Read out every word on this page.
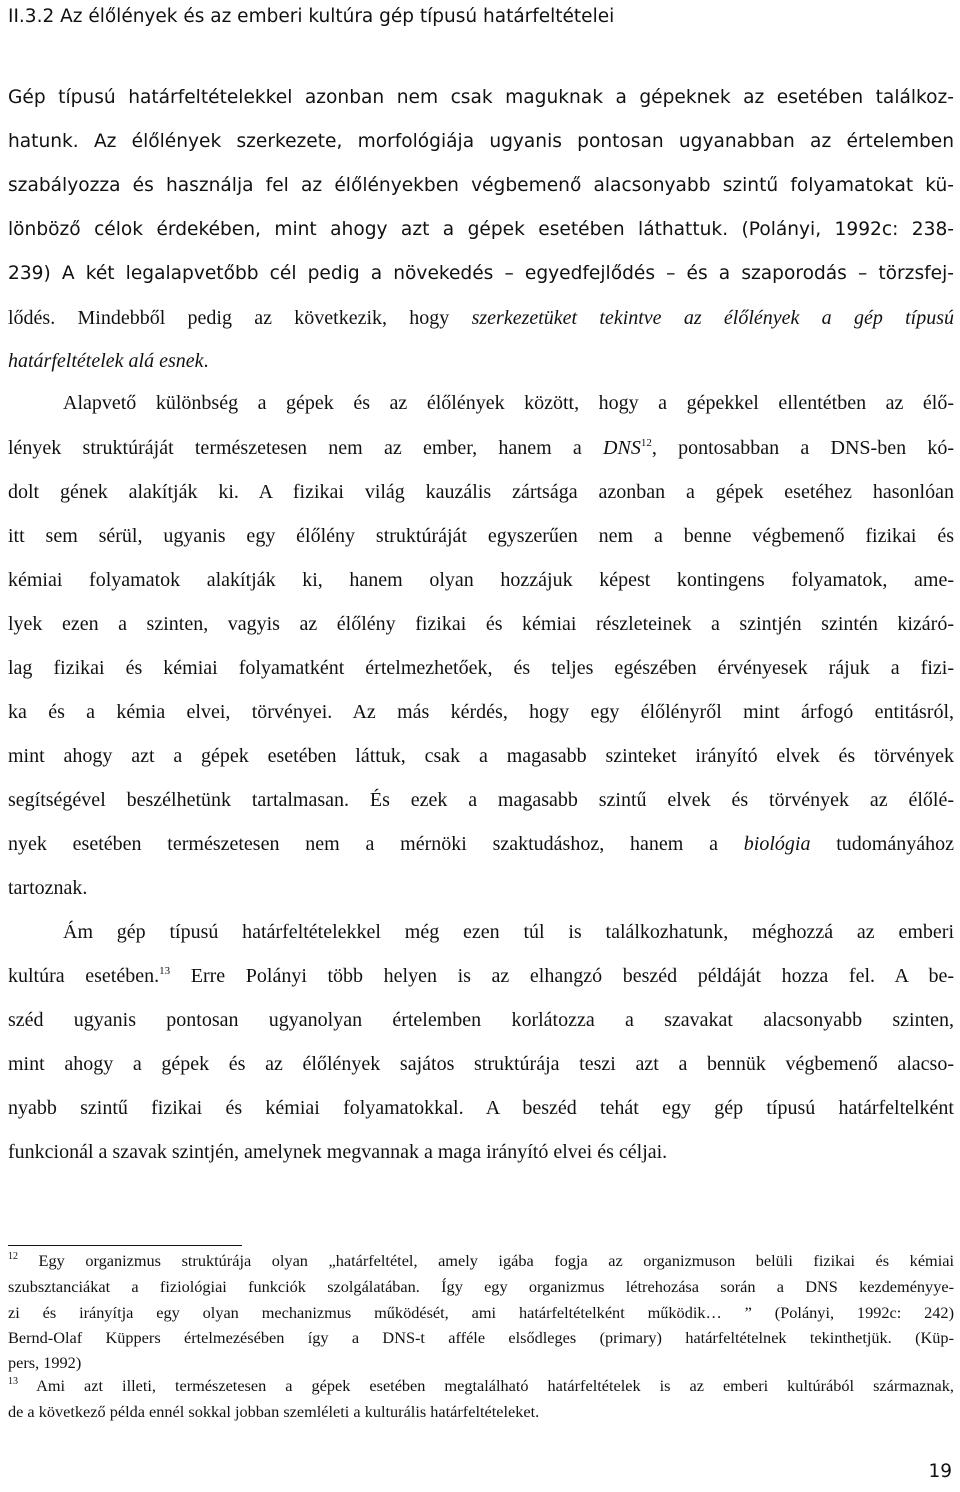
II.3.2 Az élőlények és az emberi kultúra gép típusú határfeltételei
Gép típusú határfeltételekkel azonban nem csak maguknak a gépeknek az esetében találkoz-
hatunk. Az élőlények szerkezete, morfológiája ugyanis pontosan ugyanabban az értelemben
szabályozza és használja fel az élőlényekben végbemenő alacsonyabb szintű folyamatokat kü-
lönböző célok érdekében, mint ahogy azt a gépek esetében láthattuk. (Polányi, 1992c: 238-
239) A két legalapvetőbb cél pedig a növekedés – egyedfejlődés – és a szaporodás – törzsfej-
lődés. Mindebből pedig az következik, hogy szerkezetüket tekintve az élőlények a gép típusú
határfeltételek alá esnek.
Alapvető különbség a gépek és az élőlények között, hogy a gépekkel ellentétben az élő-
lények struktúráját természetesen nem az ember, hanem a DNS$^{12}$, pontosabban a DNS-ben kó-
dolt gének alakítják ki. A fizikai világ kauzális zártsága azonban a gépek esetéhez hasonlóan
itt sem sérül, ugyanis egy élőlény struktúráját egyszerűen nem a benne végbemenő fizikai és
kémiai folyamatok alakítják ki, hanem olyan hozzájuk képest kontingens folyamatok, ame-
lyek ezen a szinten, vagyis az élőlény fizikai és kémiai részleteinek a szintjén szintén kizáró-
lag fizikai és kémiai folyamatként értelmezhetőek, és teljes egészében érvényesek rájuk a fizi-
ka és a kémia elvei, törvényei. Az más kérdés, hogy egy élőlényről mint árfogó entitásról,
mint ahogy azt a gépek esetében láttuk, csak a magasabb szinteket irányító elvek és törvények
segítségével beszélhetünk tartalmasan. És ezek a magasabb szintű elvek és törvények az élőlé-
nyek esetében természetesen nem a mérnöki szaktudáshoz, hanem a biológia tudományához
tartoznak.
Ám gép típusú határfeltételekkel még ezen túl is találkozhatunk, méghozzá az emberi
kultúra esetében.$^{13}$ Erre Polányi több helyen is az elhangzó beszéd példáját hozza fel. A be-
széd ugyanis pontosan ugyanolyan értelemben korlátozza a szavakat alacsonyabb szinten,
mint ahogy a gépek és az élőlények sajátos struktúrája teszi azt a bennük végbemenő alacso-
nyabb szintű fizikai és kémiai folyamatokkal. A beszéd tehát egy gép típusú határfeltelként
funkcionál a szavak szintjén, amelynek megvannak a maga irányító elvei és céljai.
$^{12}$ Egy organizmus struktúrája olyan „határfeltétel, amely igába fogja az organizmuson belüli fizikai és kémiai
szubsztanciákat a fiziológiai funkciók szolgálatában. Így egy organizmus létrehozása során a DNS kezdeményye-
zi és irányítja egy olyan mechanizmus működését, ami határfeltételként működik… ” (Polányi, 1992c: 242)
Bernd-Olaf Küppers értelmezésében így a DNS-t afféle elsődleges (primary) határfeltételnek tekinthetjük. (Küp-
pers, 1992)
$^{13}$ Ami azt illeti, természetesen a gépek esetében megtalálható határfeltételek is az emberi kultúrából származnak,
de a következő példa ennél sokkal jobban szemléleti a kulturális határfeltételeket.
19
